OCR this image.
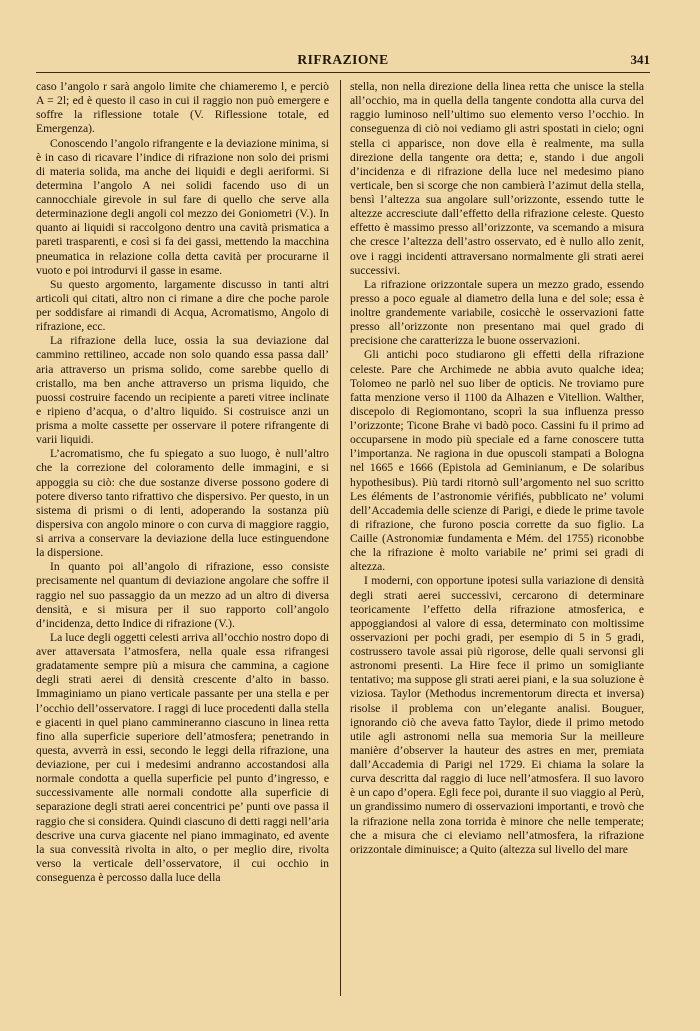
RIFRAZIONE	341

caso l’angolo r sarà angolo limite che chiameremo l, e perciò A = 2l; ed è questo il caso in cui il raggio non può emergere e soffre la riflessione totale (V. Riflessione totale, ed Emergenza).

Conoscendo l’angolo rifrangente e la deviazione minima, si è in caso di ricavare l’indice di rifrazione non solo dei prismi di materia solida, ma anche dei liquidi e degli aeriformi. Si determina l’angolo A nei solidi facendo uso di un cannocchiale girevole in sul fare di quello che serve alla determinazione degli angoli col mezzo dei Goniometri (V.). In quanto ai liquidi si raccolgono dentro una cavità prismatica a pareti trasparenti, e così si fa dei gassi, mettendo la macchina pneumatica in relazione colla detta cavità per procurarne il vuoto e poi introdurvi il gasse in esame.

Su questo argomento, largamente discusso in tanti altri articoli qui citati, altro non ci rimane a dire che poche parole per soddisfare ai rimandi di Acqua, Acromatismo, Angolo di rifrazione, ecc.

La rifrazione della luce, ossia la sua deviazione dal cammino rettilineo, accade non solo quando essa passa dall’ aria attraverso un prisma solido, come sarebbe quello di cristallo, ma ben anche attraverso un prisma liquido, che puossi costruire facendo un recipiente a pareti vitree inclinate e ripieno d’acqua, o d’altro liquido. Si costruisce anzi un prisma a molte cassette per osservare il potere rifrangente di varii liquidi.

L’acromatismo, che fu spiegato a suo luogo, è null’altro che la correzione del coloramento delle immagini, e si appoggia su ciò: che due sostanze diverse possono godere di potere diverso tanto rifrattivo che dispersivo. Per questo, in un sistema di prismi o di lenti, adoperando la sostanza più dispersiva con angolo minore o con curva di maggiore raggio, si arriva a conservare la deviazione della luce estinguendone la dispersione.

In quanto poi all’angolo di rifrazione, esso consiste precisamente nel quantum di deviazione angolare che soffre il raggio nel suo passaggio da un mezzo ad un altro di diversa densità, e si misura per il suo rapporto coll’angolo d’incidenza, detto Indice di rifrazione (V.).

La luce degli oggetti celesti arriva all’occhio nostro dopo di aver attaversata l’atmosfera, nella quale essa rifrangesi gradatamente sempre più a misura che cammina, a cagione degli strati aerei di densità crescente d’alto in basso. Immaginiamo un piano verticale passante per una stella e per l’occhio dell’osservatore. I raggi di luce procedenti dalla stella e giacenti in quel piano cammineranno ciascuno in linea retta fino alla superficie superiore dell’atmosfera; penetrando in questa, avverrà in essi, secondo le leggi della rifrazione, una deviazione, per cui i medesimi andranno accostandosi alla normale condotta a quella superficie pel punto d’ingresso, e successivamente alle normali condotte alla superficie di separazione degli strati aerei concentrici pe’ punti ove passa il raggio che si considera. Quindi ciascuno di detti raggi nell’aria descrive una curva giacente nel piano immaginato, ed avente la sua convessità rivolta in alto, o per meglio dire, rivolta verso la verticale dell’osservatore, il cui occhio in conseguenza è percosso dalla luce della

stella, non nella direzione della linea retta che unisce la stella all’occhio, ma in quella della tangente condotta alla curva del raggio luminoso nell’ultimo suo elemento verso l’occhio. In conseguenza di ciò noi vediamo gli astri spostati in cielo; ogni stella ci apparisce, non dove ella è realmente, ma sulla direzione della tangente ora detta; e, stando i due angoli d’incidenza e di rifrazione della luce nel medesimo piano verticale, ben si scorge che non cambierà l’azimut della stella, bensì l’altezza sua angolare sull’orizzonte, essendo tutte le altezze accresciute dall’effetto della rifrazione celeste. Questo effetto è massimo presso all’orizzonte, va scemando a misura che cresce l’altezza dell’astro osservato, ed è nullo allo zenit, ove i raggi incidenti attraversano normalmente gli strati aerei successivi.

La rifrazione orizzontale supera un mezzo grado, essendo presso a poco eguale al diametro della luna e del sole; essa è inoltre grandemente variabile, cosicchè le osservazioni fatte presso all’orizzonte non presentano mai quel grado di precisione che caratterizza le buone osservazioni.

Gli antichi poco studiarono gli effetti della rifrazione celeste. Pare che Archimede ne abbia avuto qualche idea; Tolomeo ne parlò nel suo liber de opticis. Ne troviamo pure fatta menzione verso il 1100 da Alhazen e Vitellion. Walther, discepolo di Regiomontano, scoprì la sua influenza presso l’orizzonte; Ticone Brahe vi badò poco. Cassini fu il primo ad occuparsene in modo più speciale ed a farne conoscere tutta l’importanza. Ne ragiona in due opuscoli stampati a Bologna nel 1665 e 1666 (Epistola ad Geminianum, e De solaribus hypothesibus). Più tardi ritornò sull’argomento nel suo scritto Les éléments de l’astronomie vérifiés, pubblicato ne’ volumi dell’Accademia delle scienze di Parigi, e diede le prime tavole di rifrazione, che furono poscia corrette da suo figlio. La Caille (Astronomiæ fundamenta e Mém. del 1755) riconobbe che la rifrazione è molto variabile ne’ primi sei gradi di altezza.

I moderni, con opportune ipotesi sulla variazione di densità degli strati aerei successivi, cercarono di determinare teoricamente l’effetto della rifrazione atmosferica, e appoggiandosi al valore di essa, determinato con moltissime osservazioni per pochi gradi, per esempio di 5 in 5 gradi, costrussero tavole assai più rigorose, delle quali servonsi gli astronomi presenti. La Hire fece il primo un somigliante tentativo; ma suppose gli strati aerei piani, e la sua soluzione è viziosa. Taylor (Methodus incrementorum directa et inversa) risolse il problema con un’elegante analisi. Bouguer, ignorando ciò che aveva fatto Taylor, diede il primo metodo utile agli astronomi nella sua memoria Sur la meilleure manière d’observer la hauteur des astres en mer, premiata dall’Accademia di Parigi nel 1729. Ei chiama la solare la curva descritta dal raggio di luce nell’atmosfera. Il suo lavoro è un capo d’opera. Egli fece poi, durante il suo viaggio al Perù, un grandissimo numero di osservazioni importanti, e trovò che la rifrazione nella zona torrida è minore che nelle temperate; che a misura che ci eleviamo nell’atmosfera, la rifrazione orizzontale diminuisce; a Quito (altezza sul livello del mare
